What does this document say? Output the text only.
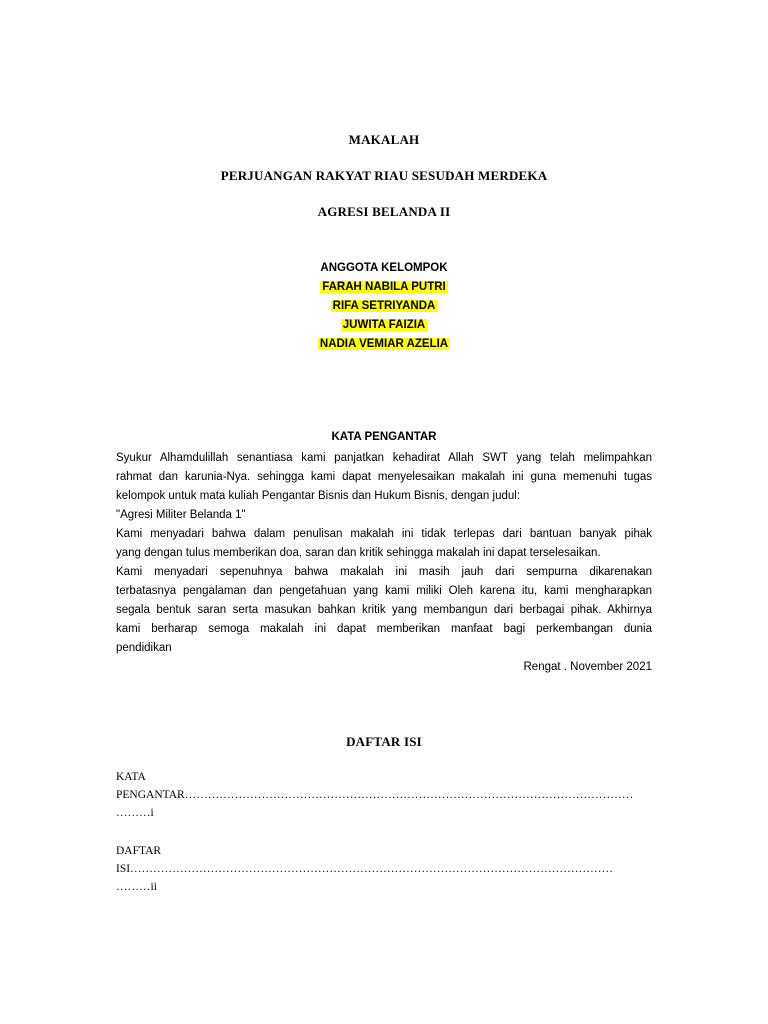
MAKALAH
PERJUANGAN RAKYAT RIAU SESUDAH MERDEKA
AGRESI BELANDA II
ANGGOTA KELOMPOK
FARAH NABILA PUTRI
RIFA SETRIYANDA
JUWITA FAIZIA
NADIA VEMIAR AZELIA
KATA PENGANTAR
Syukur Alhamdulillah senantiasa kami panjatkan kehadirat Allah SWT yang telah melimpahkan
rahmat dan karunia-Nya. sehingga kami dapat menyelesaikan makalah ini guna memenuhi tugas
kelompok untuk mata kuliah Pengantar Bisnis dan Hukum Bisnis, dengan judul:
"Agresi Militer Belanda 1"
Kami menyadari bahwa dalam penulisan makalah ini tidak terlepas dari bantuan banyak pihak
yang dengan tulus memberikan doa, saran dan kritik sehingga makalah ini dapat terselesaikan.
Kami menyadari sepenuhnya bahwa makalah ini masih jauh dari sempurna dikarenakan
terbatasnya pengalaman dan pengetahuan yang kami miliki Oleh karena itu, kami mengharapkan
segala bentuk saran serta masukan bahkan kritik yang membangun dari berbagai pihak. Akhirnya
kami berharap semoga makalah ini dapat memberikan manfaat bagi perkembangan dunia
pendidikan
Rengat . November 2021
DAFTAR ISI
KATA
PENGANTAR………………………………………………………………………………………………………
………i
DAFTAR
ISI………………………………………………………………………………………………………………
………ii
